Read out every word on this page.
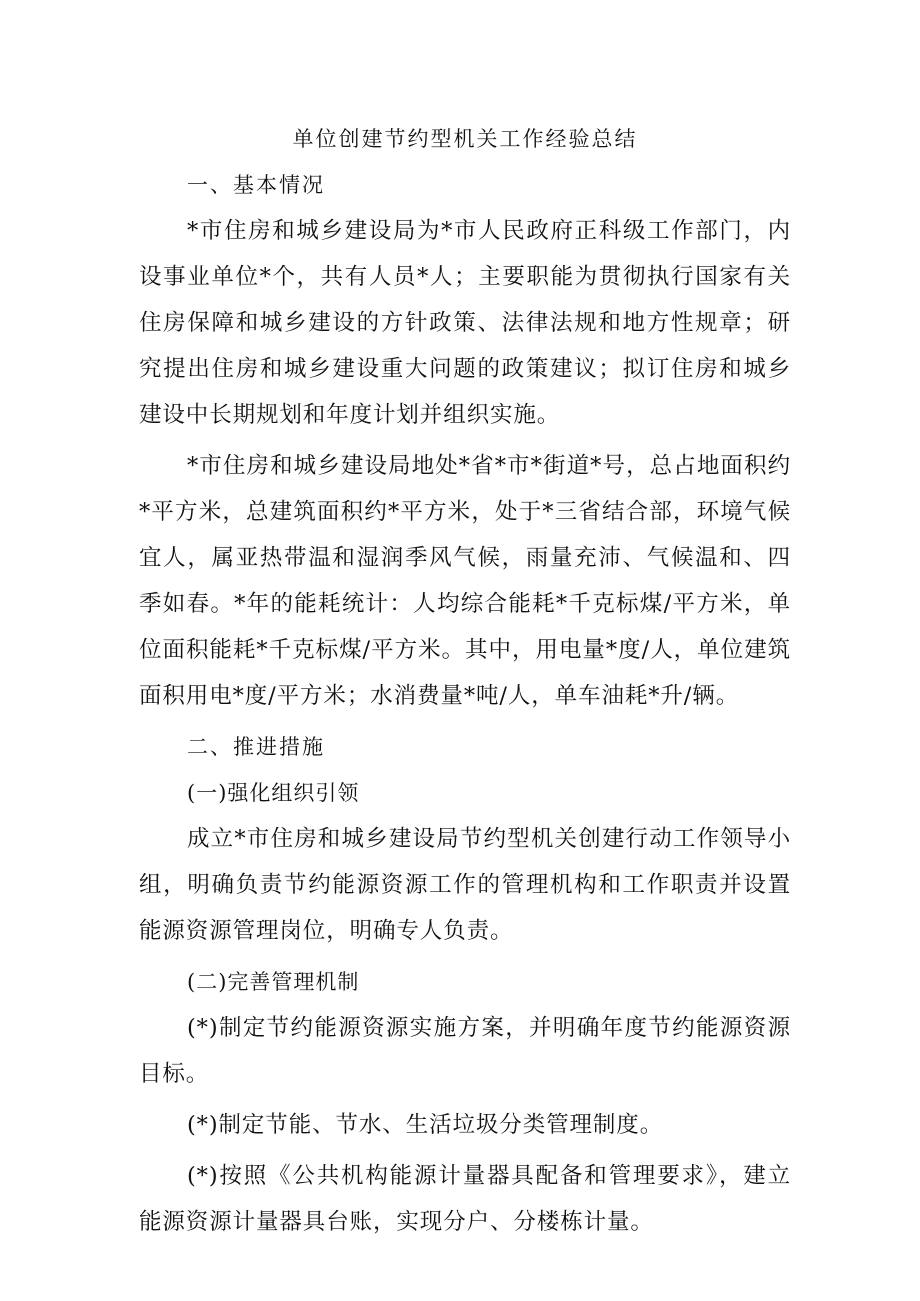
单位创建节约型机关工作经验总结
一、基本情况

*市住房和城乡建设局为*市人民政府正科级工作部门，内设事业单位*个，共有人员*人；主要职能为贯彻执行国家有关住房保障和城乡建设的方针政策、法律法规和地方性规章；研究提出住房和城乡建设重大问题的政策建议；拟订住房和城乡建设中长期规划和年度计划并组织实施。

*市住房和城乡建设局地处*省*市*街道*号，总占地面积约*平方米，总建筑面积约*平方米，处于*三省结合部，环境气候宜人，属亚热带温和湿润季风气候，雨量充沛、气候温和、四季如春。*年的能耗统计：人均综合能耗*千克标煤/平方米，单位面积能耗*千克标煤/平方米。其中，用电量*度/人，单位建筑面积用电*度/平方米；水消费量*吨/人，单车油耗*升/辆。

二、推进措施
(一)强化组织引领

成立*市住房和城乡建设局节约型机关创建行动工作领导小组，明确负责节约能源资源工作的管理机构和工作职责并设置能源资源管理岗位，明确专人负责。

(二)完善管理机制

(*)制定节约能源资源实施方案，并明确年度节约能源资源目标。

(*)制定节能、节水、生活垃圾分类管理制度。

(*)按照《公共机构能源计量器具配备和管理要求》，建立能源资源计量器具台账，实现分户、分楼栋计量。
